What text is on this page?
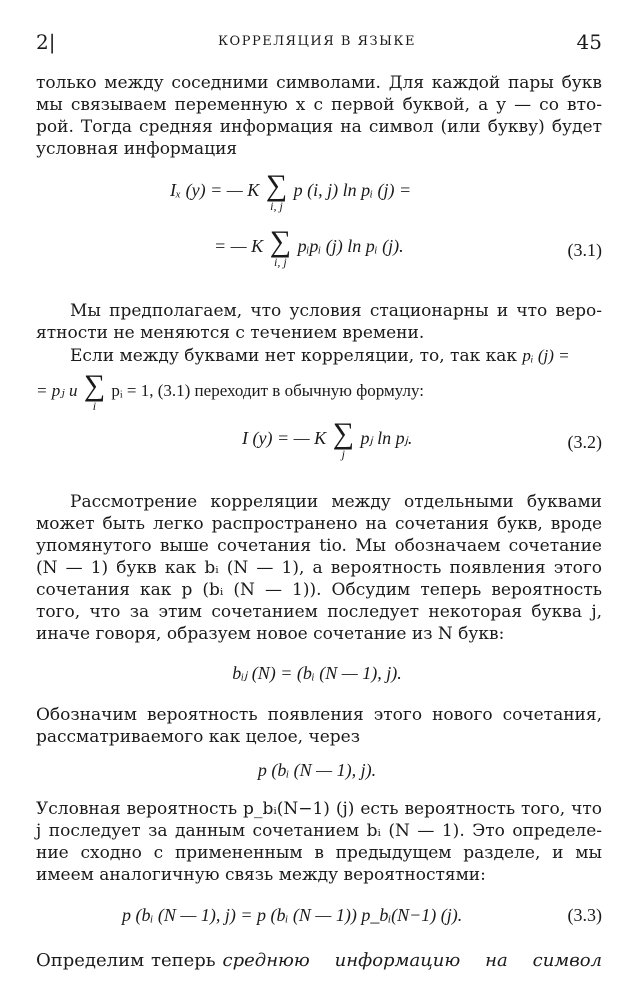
2|	КОРРЕЛЯЦИЯ В ЯЗЫКЕ	45
только между соседними символами. Для каждой пары букв
мы связываем переменную x с первой буквой, а y — со вто-
рой. Тогда средняя информация на символ (или букву) будет
условная информация
Iₓ (y) = — K ∑
i, j
p (i, j) ln pᵢ (j) =
= — K ∑
i, j
pᵢpᵢ (j) ln pᵢ (j).	(3.1)
Мы предполагаем, что условия стационарны и что веро-
ятности не меняются с течением времени.
Если между буквами нет корреляции, то, так как pᵢ (j) =
= pⱼ и ∑
i
pᵢ = 1, (3.1) переходит в обычную формулу:
I (y) = — K ∑
j
pⱼ ln pⱼ.	(3.2)
Рассмотрение корреляции между отдельными буквами
может быть легко распространено на сочетания букв, вроде
упомянутого выше сочетания tio. Мы обозначаем сочетание
(N — 1) букв как bᵢ (N — 1), а вероятность появления этого
сочетания как p (bᵢ (N — 1)). Обсудим теперь вероятность
того, что за этим сочетанием последует некоторая буква j,
иначе говоря, образуем новое сочетание из N букв:
bᵢⱼ (N) = (bᵢ (N — 1), j).
Обозначим вероятность появления этого нового сочетания,
рассматриваемого как целое, через
p (bᵢ (N — 1), j).
Условная вероятность p_bᵢ(N−1) (j) есть вероятность того, что
j последует за данным сочетанием bᵢ (N — 1). Это определе-
ние сходно с примененным в предыдущем разделе, и мы
имеем аналогичную связь между вероятностями:
p (bᵢ (N — 1), j) = p (bᵢ (N — 1)) p_bᵢ(N−1) (j).	(3.3)
Определим теперь среднюю информацию на символ
